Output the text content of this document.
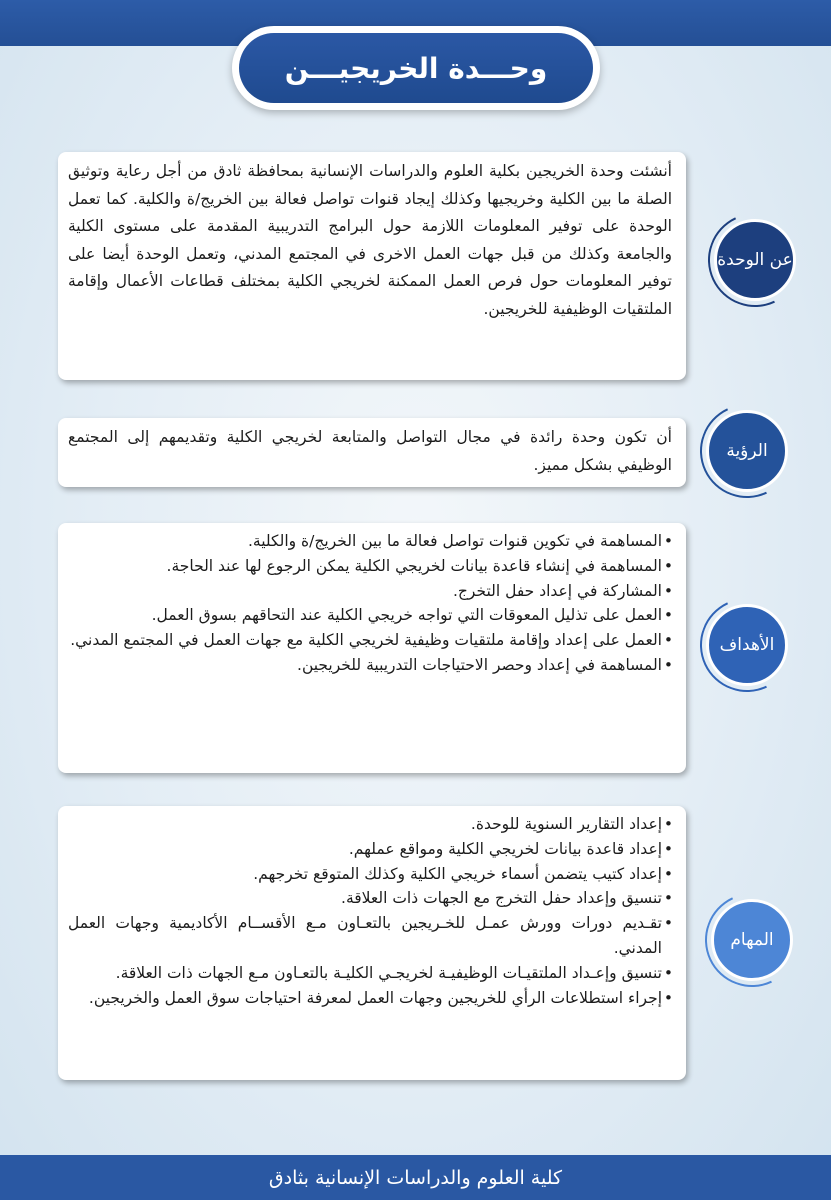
وحـــدة الخريجيـــن

أنشئت وحدة الخريجين بكلية العلوم والدراسات الإنسانية بمحافظة ثادق من أجل رعاية وتوثيق الصلة ما بين الكلية وخريجيها وكذلك إيجاد قنوات تواصل فعالة بين الخريج/ة والكلية. كما تعمل الوحدة على توفير المعلومات اللازمة حول البرامج التدريبية المقدمة على مستوى الكلية والجامعة وكذلك من قبل جهات العمل الاخرى في المجتمع المدني، وتعمل الوحدة أيضا على توفير المعلومات حول فرص العمل الممكنة لخريجي الكلية بمختلف قطاعات الأعمال وإقامة الملتقيات الوظيفية للخريجين.

عن الوحدة

أن تكون وحدة رائدة في مجال التواصل والمتابعة لخريجي الكلية وتقديمهم إلى المجتمع الوظيفي بشكل مميز.

الرؤية
• المساهمة في تكوين قنوات تواصل فعالة ما بين الخريج/ة والكلية.
• المساهمة في إنشاء قاعدة بيانات لخريجي الكلية يمكن الرجوع لها عند الحاجة.
• المشاركة في إعداد حفل التخرج.
• العمل على تذليل المعوقات التي تواجه خريجي الكلية عند التحاقهم بسوق العمل.
• العمل على إعداد وإقامة ملتقيات وظيفية لخريجي الكلية مع جهات العمل في المجتمع المدني.
• المساهمة في إعداد وحصر الاحتياجات التدريبية للخريجين.
الأهداف
• إعداد التقارير السنوية للوحدة.
• إعداد قاعدة بيانات لخريجي الكلية ومواقع عملهم.
• إعداد كتيب يتضمن أسماء خريجي الكلية وكذلك المتوقع تخرجهم.
• تنسيق وإعداد حفل التخرج مع الجهات ذات العلاقة.
• تقـديم دورات وورش عمـل للخـريجين بالتعـاون مـع الأقســام الأكاديمية وجهات العمل المدني.
• تنسيق وإعـداد الملتقيـات الوظيفيـة لخريجـي الكليـة بالتعـاون مـع الجهات ذات العلاقة.
• إجراء استطلاعات الرأي للخريجين وجهات العمل لمعرفة احتياجات سوق العمل والخريجين.
المهام
كلية العلوم والدراسات الإنسانية بثادق
